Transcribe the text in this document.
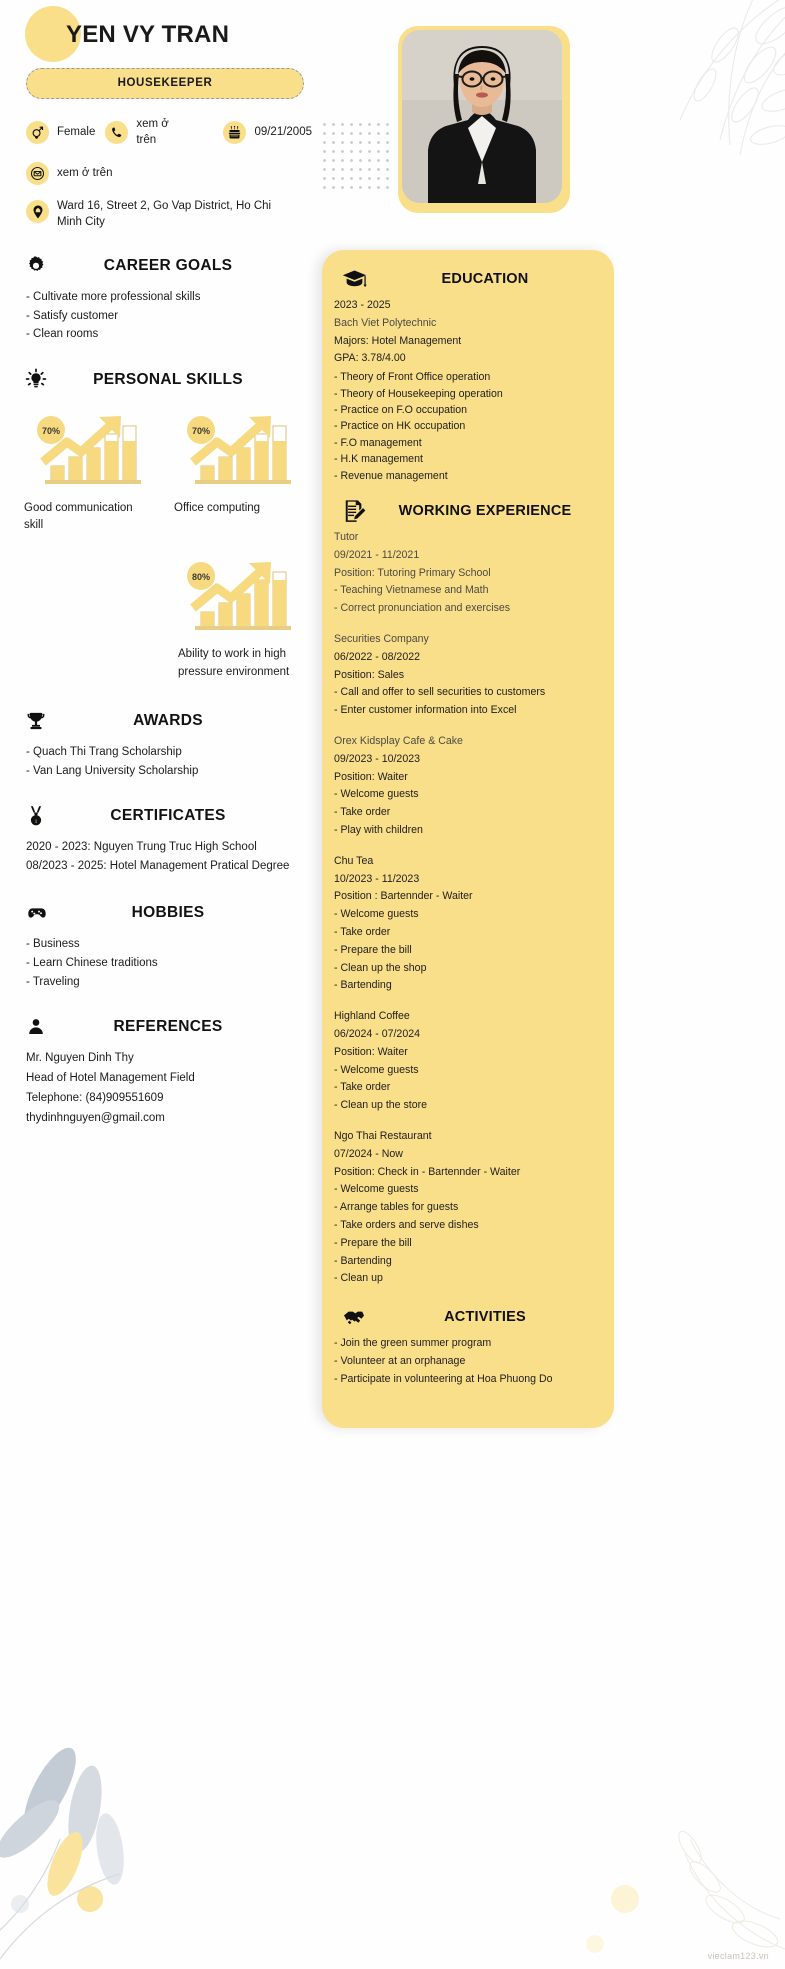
YEN VY TRAN
HOUSEKEEPER
Female
xem ở trên
09/21/2005
xem ở trên
Ward 16, Street 2, Go Vap District, Ho Chi Minh City
CAREER GOALS
- Cultivate more professional skills
- Satisfy customer
- Clean rooms
PERSONAL SKILLS
70%
Good communication skill
70%
Office computing
80%
Ability to work in high pressure environment
AWARDS
- Quach Thi Trang Scholarship
- Van Lang University Scholarship
1	CERTIFICATES
2020 - 2023: Nguyen Trung Truc High School
08/2023 - 2025: Hotel Management Pratical Degree
HOBBIES
- Business
- Learn Chinese traditions
- Traveling
REFERENCES
Mr. Nguyen Dinh Thy
Head of Hotel Management Field
Telephone: (84)909551609
thydinhnguyen@gmail.com
EDUCATION
2023 - 2025
Bach Viet Polytechnic
Majors: Hotel Management
GPA: 3.78/4.00
- Theory of Front Office operation
- Theory of Housekeeping operation
- Practice on F.O occupation
- Practice on HK occupation
- F.O management
- H.K management
- Revenue management
WORKING EXPERIENCE
Tutor
09/2021 - 11/2021
Position: Tutoring Primary School
- Teaching Vietnamese and Math
- Correct pronunciation and exercises
Securities Company
06/2022 - 08/2022
Position: Sales
- Call and offer to sell securities to customers
- Enter customer information into Excel
Orex Kidsplay Cafe & Cake
09/2023 - 10/2023
Position: Waiter
- Welcome guests
- Take order
- Play with children
Chu Tea
10/2023 - 11/2023
Position : Bartennder - Waiter
- Welcome guests
- Take order
- Prepare the bill
- Clean up the shop
- Bartending
Highland Coffee
06/2024 - 07/2024
Position: Waiter
- Welcome guests
- Take order
- Clean up the store
Ngo Thai Restaurant
07/2024 - Now
Position: Check in - Bartennder - Waiter
- Welcome guests
- Arrange tables for guests
- Take orders and serve dishes
- Prepare the bill
- Bartending
- Clean up
ACTIVITIES
- Join the green summer program
- Volunteer at an orphanage
- Participate in volunteering at Hoa Phuong Do
vieclam123.vn
